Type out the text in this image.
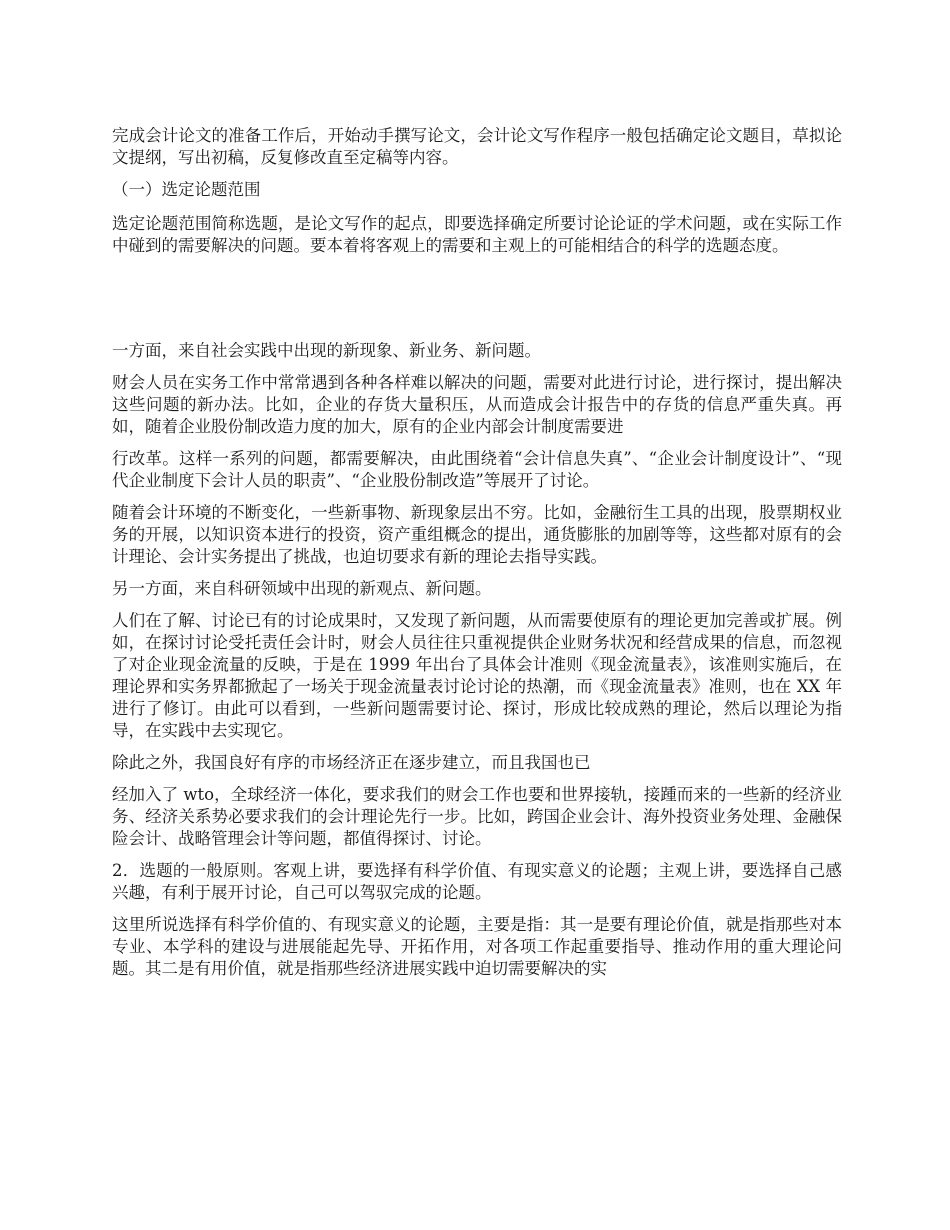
完成会计论文的准备工作后，开始动手撰写论文，会计论文写作程序一般包括确定论文题目，草拟论文提纲，写出初稿，反复修改直至定稿等内容。

（一）选定论题范围

选定论题范围简称选题，是论文写作的起点，即要选择确定所要讨论论证的学术问题，或在实际工作中碰到的需要解决的问题。要本着将客观上的需要和主观上的可能相结合的科学的选题态度。

一方面，来自社会实践中出现的新现象、新业务、新问题。

财会人员在实务工作中常常遇到各种各样难以解决的问题，需要对此进行讨论，进行探讨，提出解决这些问题的新办法。比如，企业的存货大量积压，从而造成会计报告中的存货的信息严重失真。再如，随着企业股份制改造力度的加大，原有的企业内部会计制度需要进

行改革。这样一系列的问题，都需要解决，由此围绕着“会计信息失真”、“企业会计制度设计”、“现代企业制度下会计人员的职责”、“企业股份制改造”等展开了讨论。

随着会计环境的不断变化，一些新事物、新现象层出不穷。比如，金融衍生工具的出现，股票期权业务的开展，以知识资本进行的投资，资产重组概念的提出，通货膨胀的加剧等等，这些都对原有的会计理论、会计实务提出了挑战，也迫切要求有新的理论去指导实践。

另一方面，来自科研领域中出现的新观点、新问题。

人们在了解、讨论已有的讨论成果时，又发现了新问题，从而需要使原有的理论更加完善或扩展。例如，在探讨讨论受托责任会计时，财会人员往往只重视提供企业财务状况和经营成果的信息，而忽视了对企业现金流量的反映，于是在 1999 年出台了具体会计准则《现金流量表》，该准则实施后，在理论界和实务界都掀起了一场关于现金流量表讨论讨论的热潮，而《现金流量表》准则，也在 XX 年进行了修订。由此可以看到，一些新问题需要讨论、探讨，形成比较成熟的理论，然后以理论为指导，在实践中去实现它。

除此之外，我国良好有序的市场经济正在逐步建立，而且我国也已

经加入了 wto，全球经济一体化，要求我们的财会工作也要和世界接轨，接踵而来的一些新的经济业务、经济关系势必要求我们的会计理论先行一步。比如，跨国企业会计、海外投资业务处理、金融保险会计、战略管理会计等问题，都值得探讨、讨论。

2．选题的一般原则。客观上讲，要选择有科学价值、有现实意义的论题；主观上讲，要选择自己感兴趣，有利于展开讨论，自己可以驾驭完成的论题。

这里所说选择有科学价值的、有现实意义的论题，主要是指：其一是要有理论价值，就是指那些对本专业、本学科的建设与进展能起先导、开拓作用，对各项工作起重要指导、推动作用的重大理论问题。其二是有用价值，就是指那些经济进展实践中迫切需要解决的实
